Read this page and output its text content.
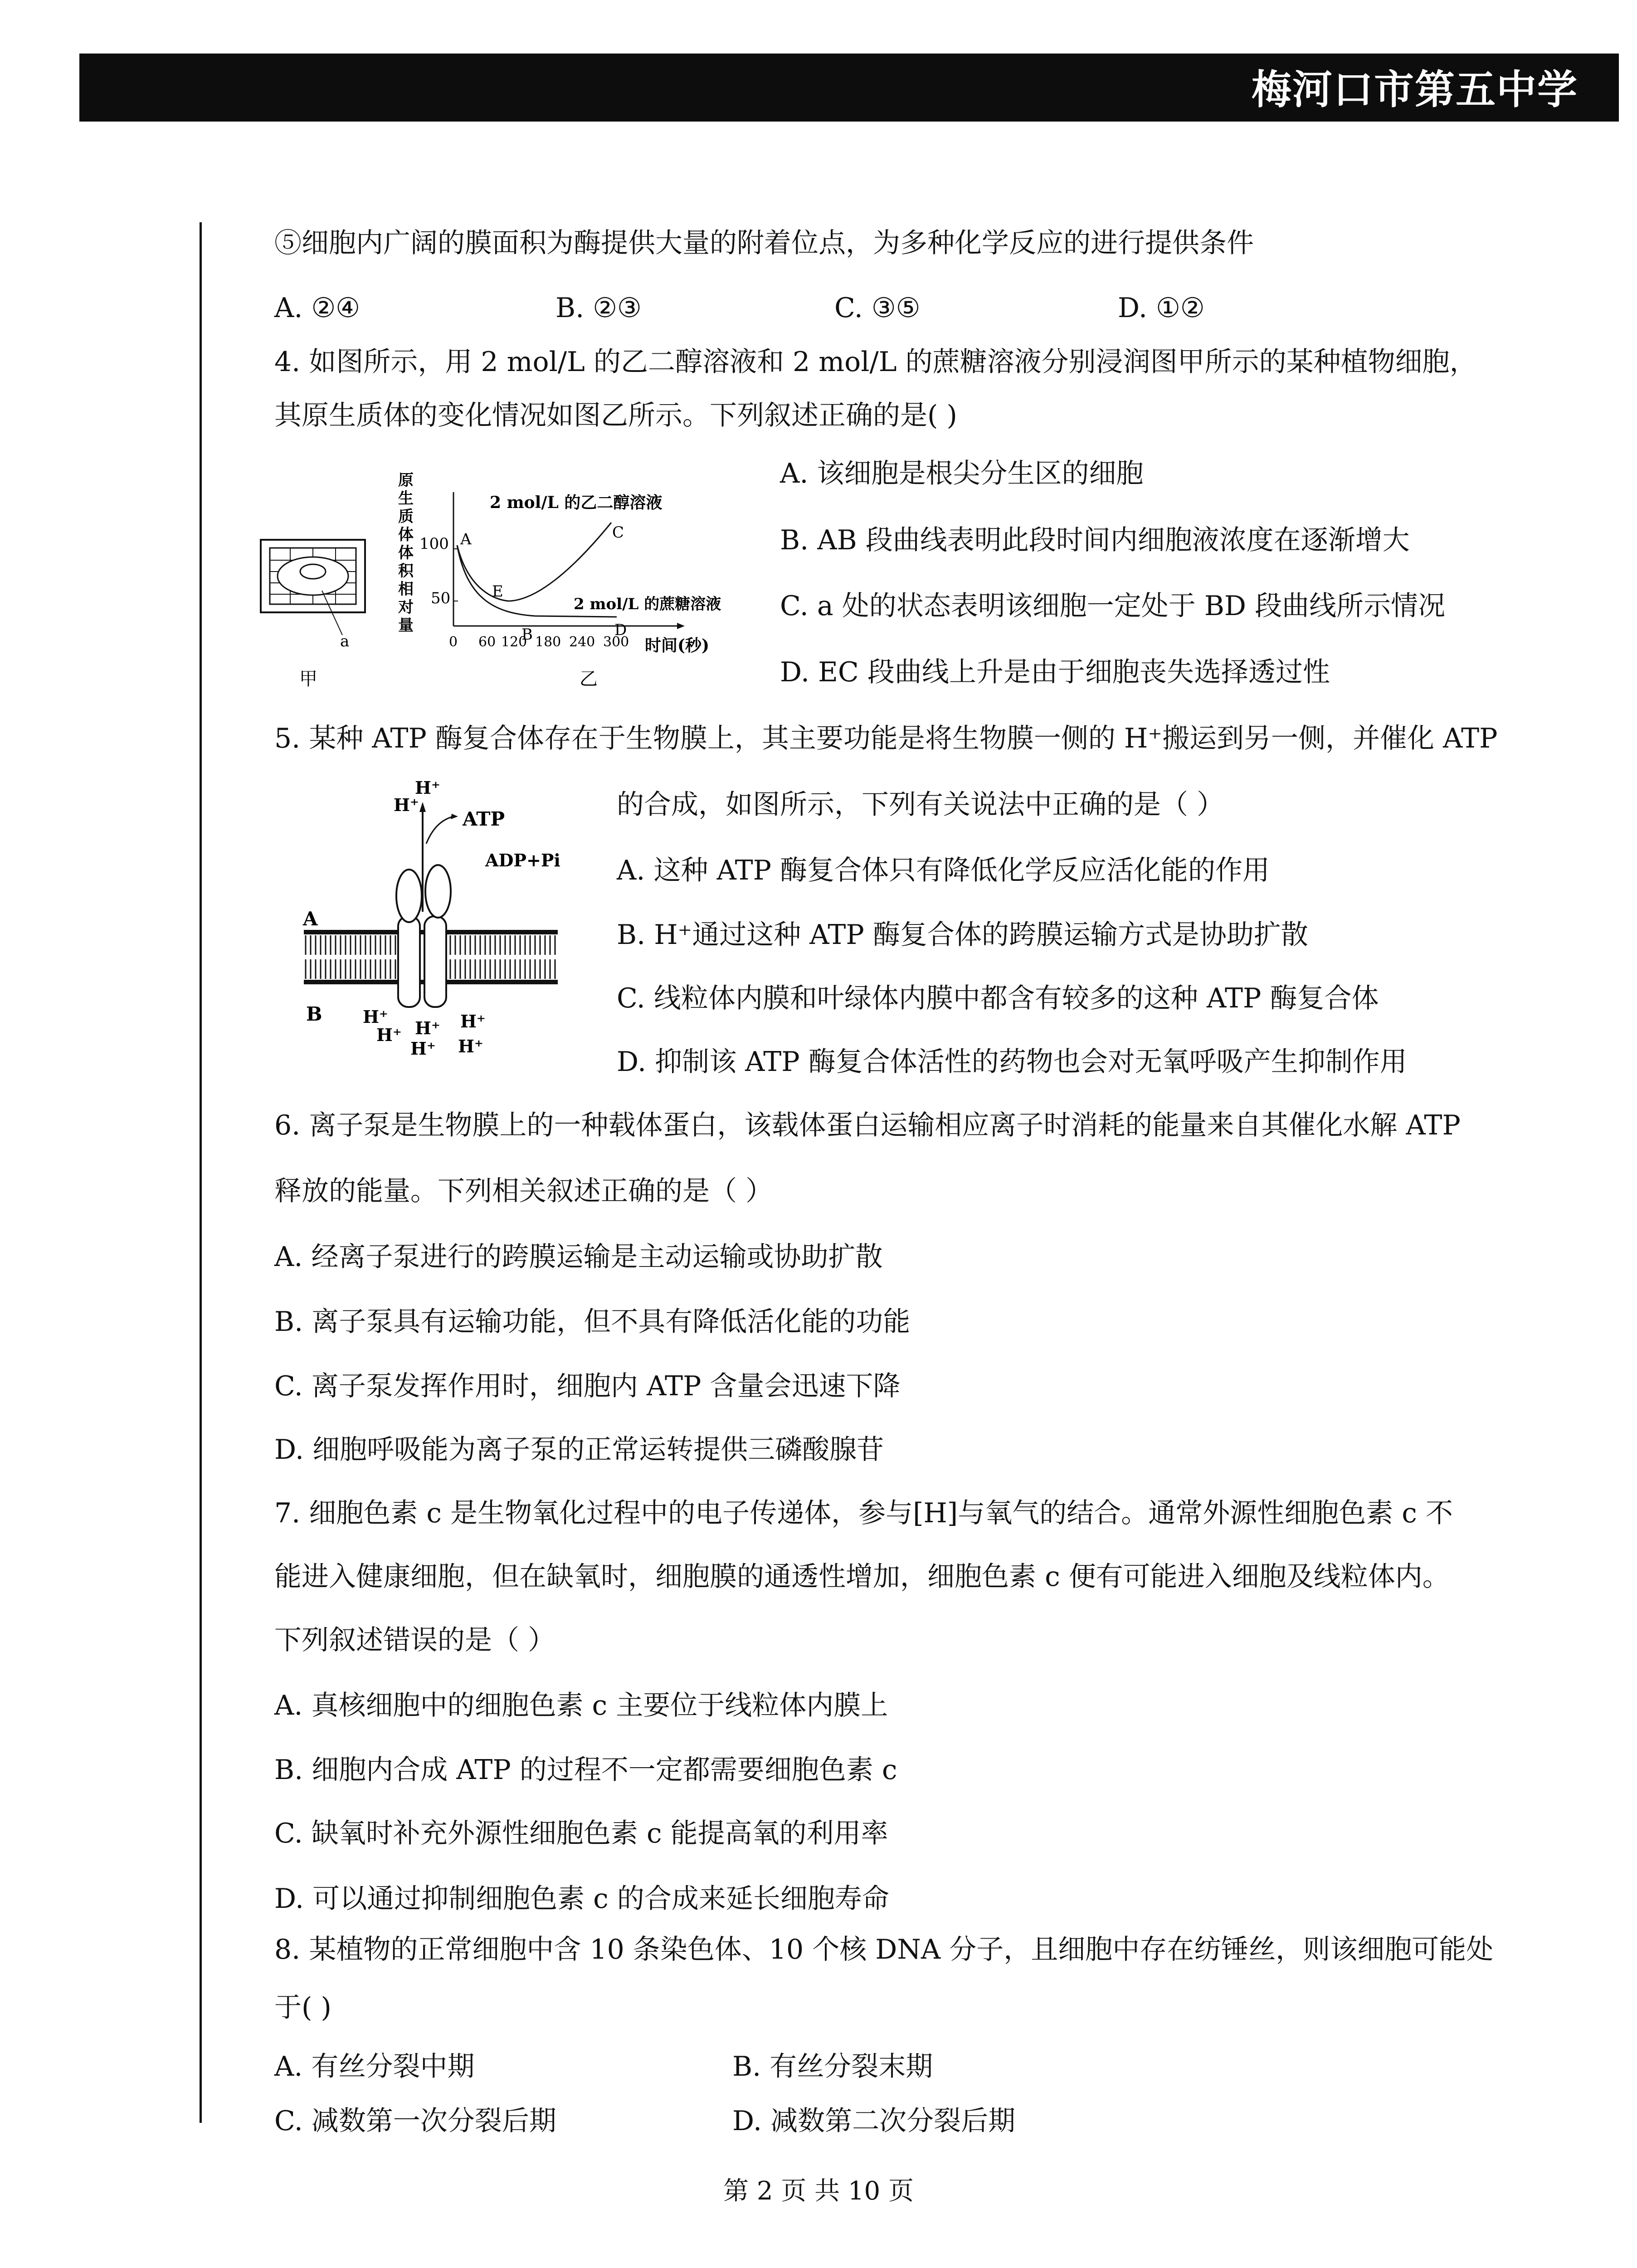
梅河口市第五中学
⑤细胞内广阔的膜面积为酶提供大量的附着位点，为多种化学反应的进行提供条件
A. ②④	B. ②③	C. ③⑤	D. ①②
4. 如图所示，用 2 mol/L 的乙二醇溶液和 2 mol/L 的蔗糖溶液分别浸润图甲所示的某种植物细胞，
其原生质体的变化情况如图乙所示。下列叙述正确的是( )
a
甲
原
生
质
体
体
积
相
对
量
100
50
0 60 120 180 240 300 时间(秒)
乙
2 mol/L 的乙二醇溶液
2 mol/L 的蔗糖溶液
A
B
C
D
E
A. 该细胞是根尖分生区的细胞
B. AB 段曲线表明此段时间内细胞液浓度在逐渐增大
C. a 处的状态表明该细胞一定处于 BD 段曲线所示情况
D. EC 段曲线上升是由于细胞丧失选择透过性
5. 某种 ATP 酶复合体存在于生物膜上，其主要功能是将生物膜一侧的 H⁺搬运到另一侧，并催化 ATP
的合成，如图所示，下列有关说法中正确的是（ ）
ATP
ADP+Pi
A
B
H⁺
H⁺
H⁺
H⁺ H⁺
H⁺
H⁺
H⁺
A. 这种 ATP 酶复合体只有降低化学反应活化能的作用
B. H⁺通过这种 ATP 酶复合体的跨膜运输方式是协助扩散
C. 线粒体内膜和叶绿体内膜中都含有较多的这种 ATP 酶复合体
D. 抑制该 ATP 酶复合体活性的药物也会对无氧呼吸产生抑制作用
6. 离子泵是生物膜上的一种载体蛋白，该载体蛋白运输相应离子时消耗的能量来自其催化水解 ATP
释放的能量。下列相关叙述正确的是（ ）
A. 经离子泵进行的跨膜运输是主动运输或协助扩散
B. 离子泵具有运输功能，但不具有降低活化能的功能
C. 离子泵发挥作用时，细胞内 ATP 含量会迅速下降
D. 细胞呼吸能为离子泵的正常运转提供三磷酸腺苷
7. 细胞色素 c 是生物氧化过程中的电子传递体，参与[H]与氧气的结合。通常外源性细胞色素 c 不
能进入健康细胞，但在缺氧时，细胞膜的通透性增加，细胞色素 c 便有可能进入细胞及线粒体内。
下列叙述错误的是（ ）
A. 真核细胞中的细胞色素 c 主要位于线粒体内膜上
B. 细胞内合成 ATP 的过程不一定都需要细胞色素 c
C. 缺氧时补充外源性细胞色素 c 能提高氧的利用率
D. 可以通过抑制细胞色素 c 的合成来延长细胞寿命
8. 某植物的正常细胞中含 10 条染色体、10 个核 DNA 分子，且细胞中存在纺锤丝，则该细胞可能处
于( )
A. 有丝分裂中期	B. 有丝分裂末期
C. 减数第一次分裂后期	D. 减数第二次分裂后期
第 2 页 共 10 页
